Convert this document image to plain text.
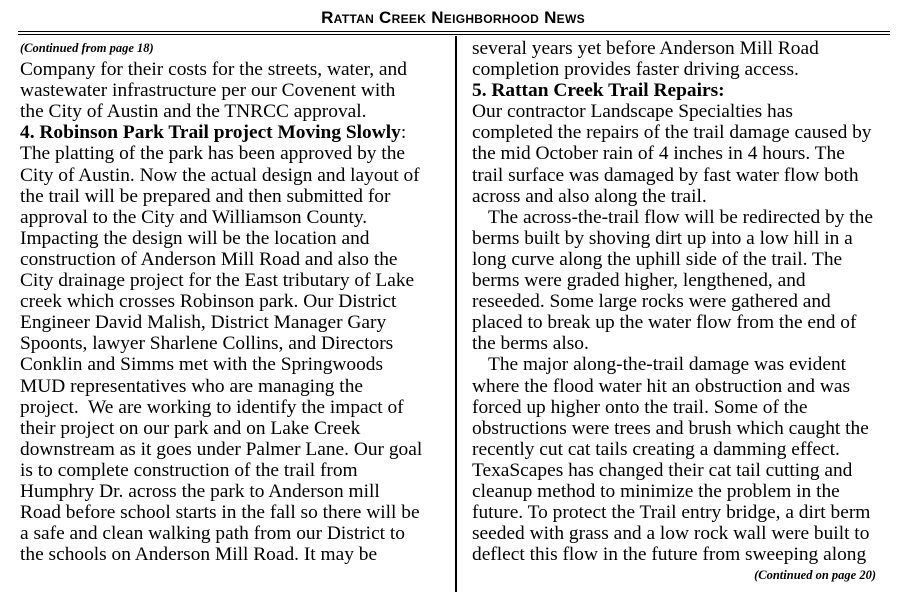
Rattan Creek Neighborhood News
(Continued from page 18)
Company for their costs for the streets, water, and
wastewater infrastructure per our Covenent with
the City of Austin and the TNRCC approval.
4. Robinson Park Trail project Moving Slowly:
The platting of the park has been approved by the
City of Austin. Now the actual design and layout of
the trail will be prepared and then submitted for
approval to the City and Williamson County.
Impacting the design will be the location and
construction of Anderson Mill Road and also the
City drainage project for the East tributary of Lake
creek which crosses Robinson park. Our District
Engineer David Malish, District Manager Gary
Spoonts, lawyer Sharlene Collins, and Directors
Conklin and Simms met with the Springwoods
MUD representatives who are managing the
project.  We are working to identify the impact of
their project on our park and on Lake Creek
downstream as it goes under Palmer Lane. Our goal
is to complete construction of the trail from
Humphry Dr. across the park to Anderson mill
Road before school starts in the fall so there will be
a safe and clean walking path from our District to
the schools on Anderson Mill Road. It may be
several years yet before Anderson Mill Road
completion provides faster driving access.
5. Rattan Creek Trail Repairs:
Our contractor Landscape Specialties has
completed the repairs of the trail damage caused by
the mid October rain of 4 inches in 4 hours. The
trail surface was damaged by fast water flow both
across and also along the trail.
The across-the-trail flow will be redirected by the
berms built by shoving dirt up into a low hill in a
long curve along the uphill side of the trail. The
berms were graded higher, lengthened, and
reseeded. Some large rocks were gathered and
placed to break up the water flow from the end of
the berms also.
The major along-the-trail damage was evident
where the flood water hit an obstruction and was
forced up higher onto the trail. Some of the
obstructions were trees and brush which caught the
recently cut cat tails creating a damming effect.
TexaScapes has changed their cat tail cutting and
cleanup method to minimize the problem in the
future. To protect the Trail entry bridge, a dirt berm
seeded with grass and a low rock wall were built to
deflect this flow in the future from sweeping along
(Continued on page 20)
